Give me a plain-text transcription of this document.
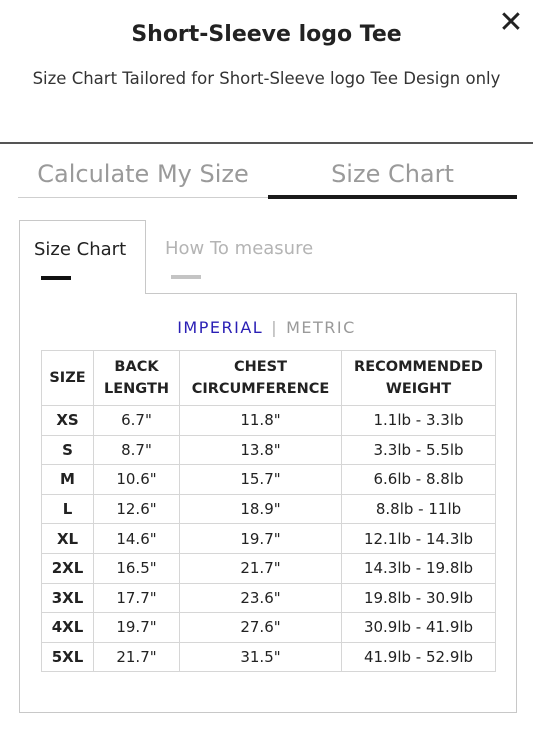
✕
Short-Sleeve logo Tee

Size Chart Tailored for Short-Sleeve logo Tee Design only

Calculate My Size	Size Chart
Size Chart	How To measure
IMPERIAL | METRIC
SIZE	BACK LENGTH	CHEST CIRCUMFERENCE	RECOMMENDED WEIGHT
XS	6.7"	11.8"	1.1lb - 3.3lb
S	8.7"	13.8"	3.3lb - 5.5lb
M	10.6"	15.7"	6.6lb - 8.8lb
L	12.6"	18.9"	8.8lb - 11lb
XL	14.6"	19.7"	12.1lb - 14.3lb
2XL	16.5"	21.7"	14.3lb - 19.8lb
3XL	17.7"	23.6"	19.8lb - 30.9lb
4XL	19.7"	27.6"	30.9lb - 41.9lb
5XL	21.7"	31.5"	41.9lb - 52.9lb
